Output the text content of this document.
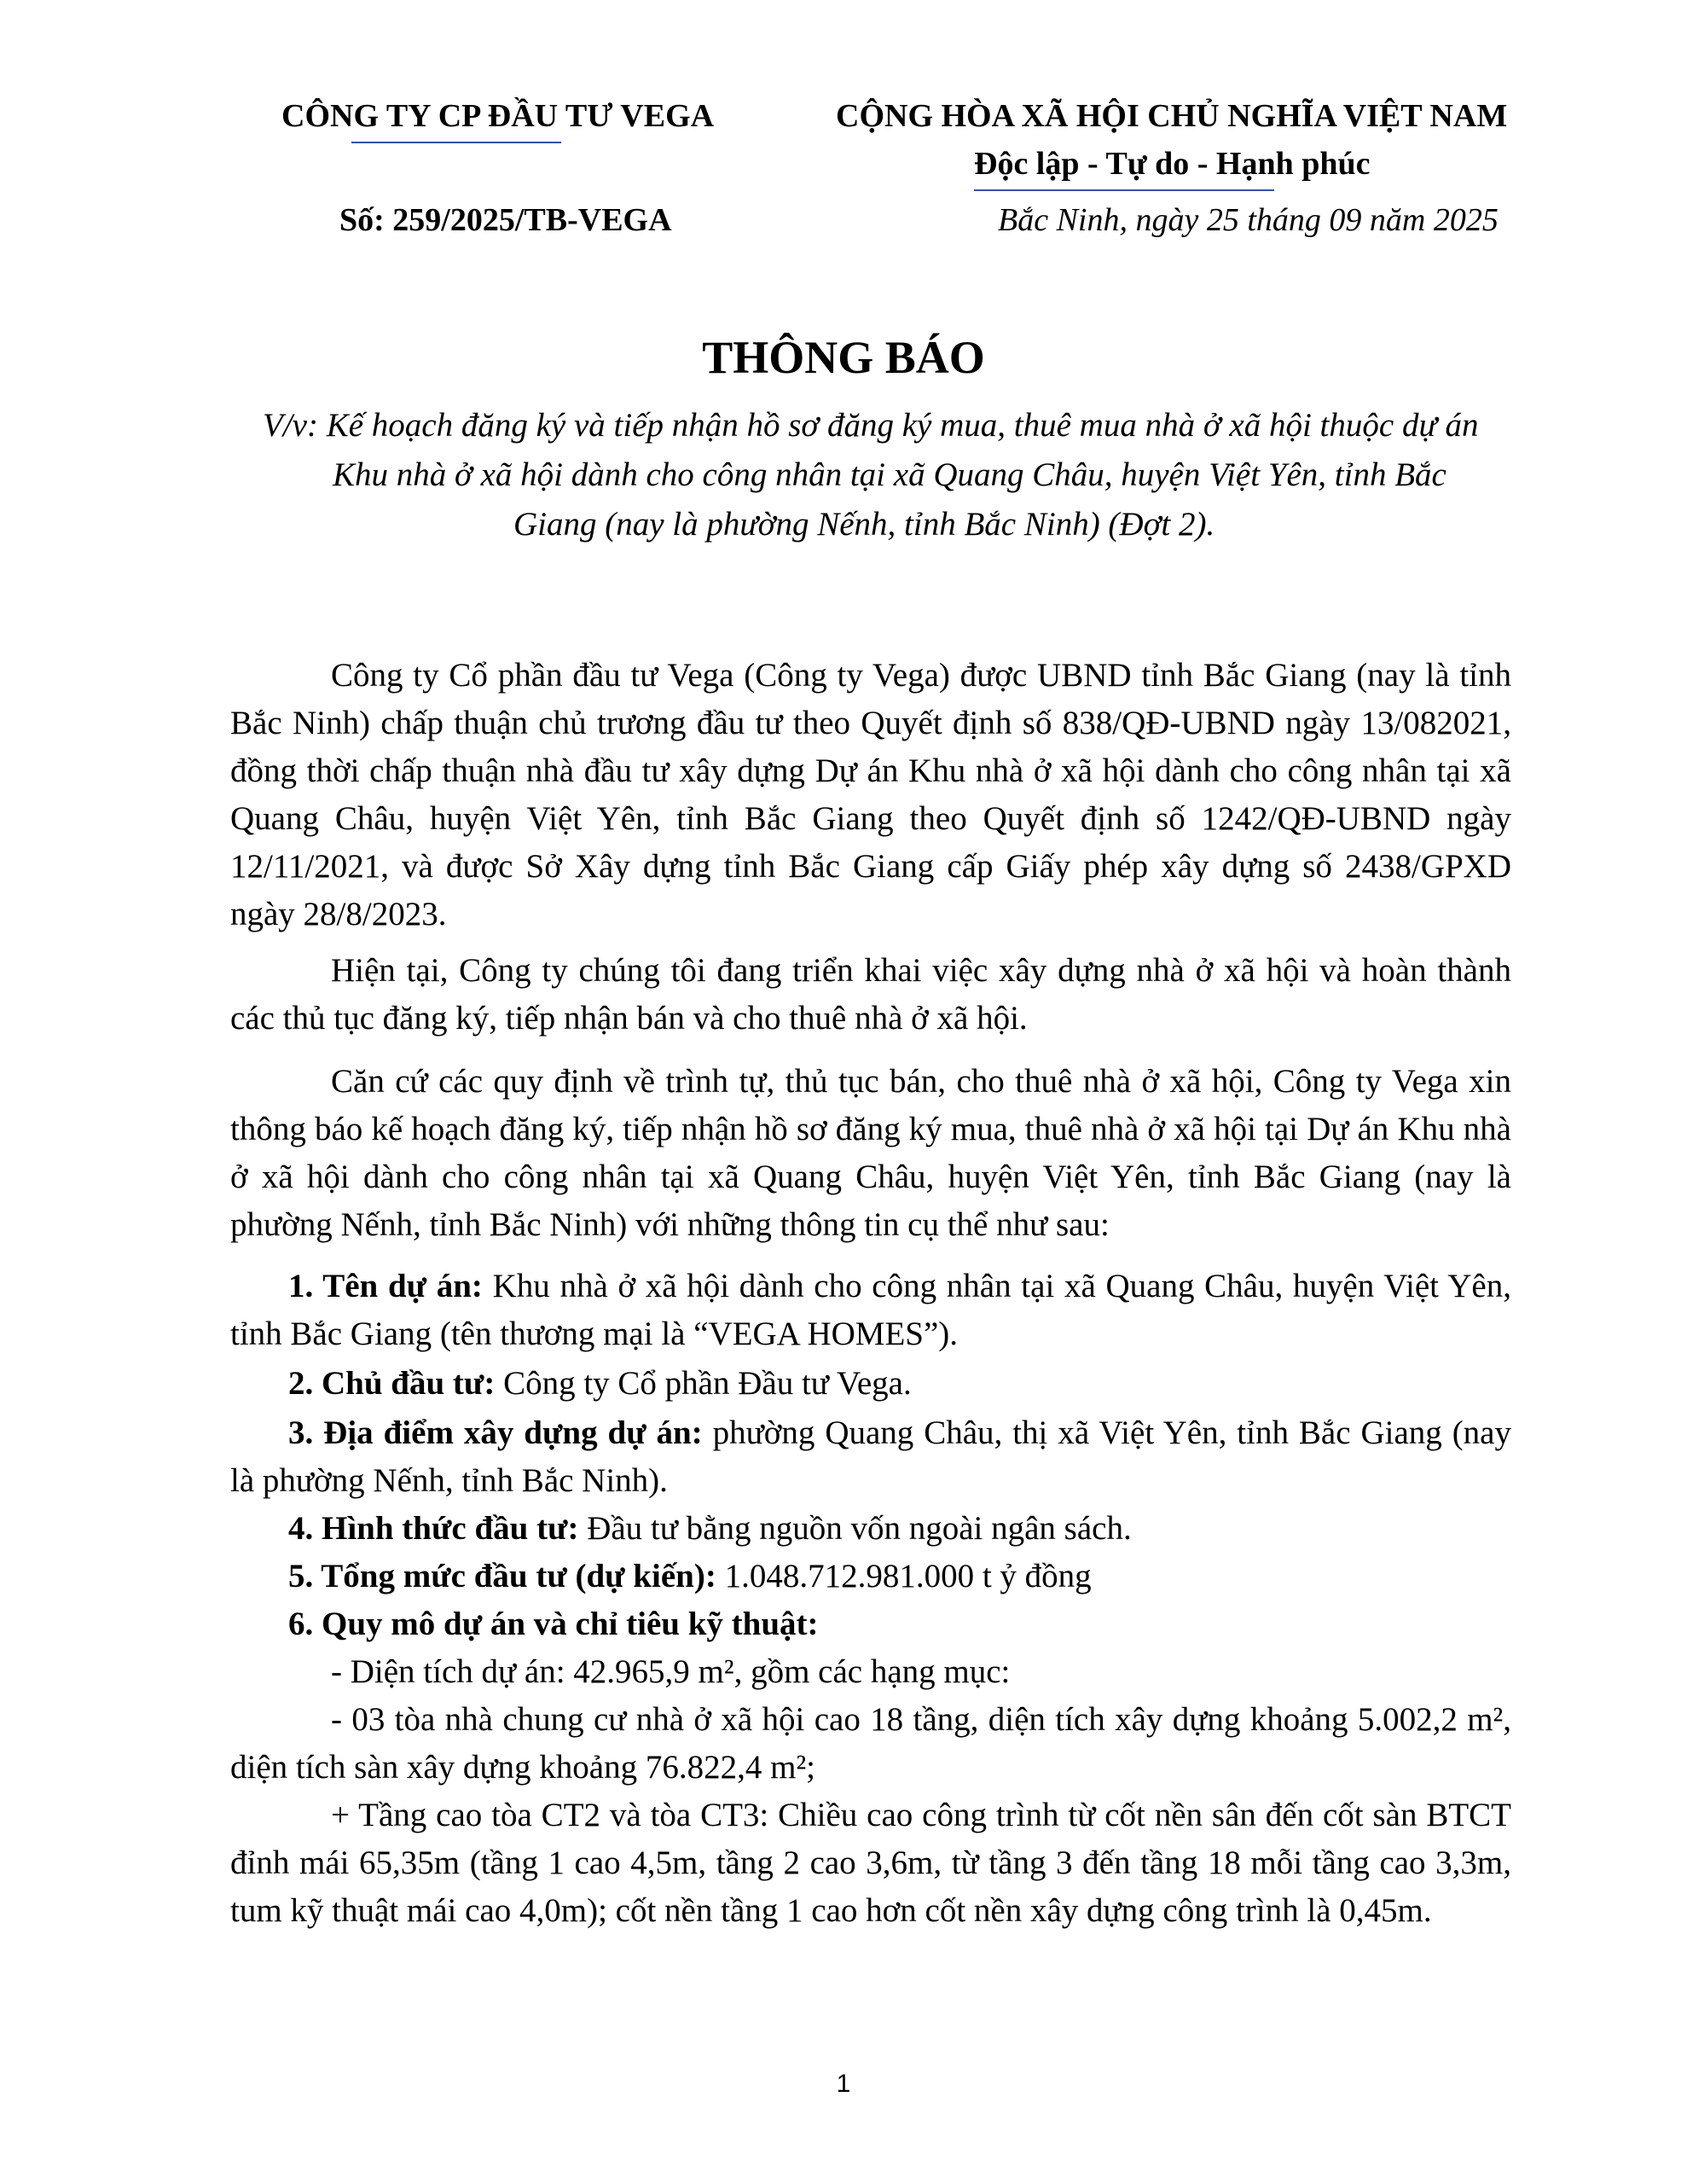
CÔNG TY CP ĐẦU TƯ VEGA	CỘNG HÒA XÃ HỘI CHỦ NGHĨA VIỆT NAM
Độc lập - Tự do - Hạnh phúc
Số: 259/2025/TB-VEGA	Bắc Ninh, ngày 25 tháng 09 năm 2025
THÔNG BÁO
V/v: Kế hoạch đăng ký và tiếp nhận hồ sơ đăng ký mua, thuê mua nhà ở xã hội thuộc dự án
Khu nhà ở xã hội dành cho công nhân tại xã Quang Châu, huyện Việt Yên, tỉnh Bắc
Giang (nay là phường Nếnh, tỉnh Bắc Ninh) (Đợt 2).

Công ty Cổ phần đầu tư Vega (Công ty Vega) được UBND tỉnh Bắc Giang (nay là tỉnh Bắc Ninh) chấp thuận chủ trương đầu tư theo Quyết định số 838/QĐ-UBND ngày 13/082021, đồng thời chấp thuận nhà đầu tư xây dựng Dự án Khu nhà ở xã hội dành cho công nhân tại xã Quang Châu, huyện Việt Yên, tỉnh Bắc Giang theo Quyết định số 1242/QĐ-UBND ngày 12/11/2021, và được Sở Xây dựng tỉnh Bắc Giang cấp Giấy phép xây dựng số 2438/GPXD ngày 28/8/2023.

Hiện tại, Công ty chúng tôi đang triển khai việc xây dựng nhà ở xã hội và hoàn thành các thủ tục đăng ký, tiếp nhận bán và cho thuê nhà ở xã hội.

Căn cứ các quy định về trình tự, thủ tục bán, cho thuê nhà ở xã hội, Công ty Vega xin thông báo kế hoạch đăng ký, tiếp nhận hồ sơ đăng ký mua, thuê nhà ở xã hội tại Dự án Khu nhà ở xã hội dành cho công nhân tại xã Quang Châu, huyện Việt Yên, tỉnh Bắc Giang (nay là phường Nếnh, tỉnh Bắc Ninh) với những thông tin cụ thể như sau:

1. Tên dự án: Khu nhà ở xã hội dành cho công nhân tại xã Quang Châu, huyện Việt Yên, tỉnh Bắc Giang (tên thương mại là “VEGA HOMES”).

2. Chủ đầu tư: Công ty Cổ phần Đầu tư Vega.

3. Địa điểm xây dựng dự án: phường Quang Châu, thị xã Việt Yên, tỉnh Bắc Giang (nay là phường Nếnh, tỉnh Bắc Ninh).

4. Hình thức đầu tư: Đầu tư bằng nguồn vốn ngoài ngân sách.

5. Tổng mức đầu tư (dự kiến): 1.048.712.981.000 t ỷ đồng

6. Quy mô dự án và chỉ tiêu kỹ thuật:

- Diện tích dự án: 42.965,9 m², gồm các hạng mục:

- 03 tòa nhà chung cư nhà ở xã hội cao 18 tầng, diện tích xây dựng khoảng 5.002,2 m², diện tích sàn xây dựng khoảng 76.822,4 m²;

+ Tầng cao tòa CT2 và tòa CT3: Chiều cao công trình từ cốt nền sân đến cốt sàn BTCT đỉnh mái 65,35m (tầng 1 cao 4,5m, tầng 2 cao 3,6m, từ tầng 3 đến tầng 18 mỗi tầng cao 3,3m, tum kỹ thuật mái cao 4,0m); cốt nền tầng 1 cao hơn cốt nền xây dựng công trình là 0,45m.

1
